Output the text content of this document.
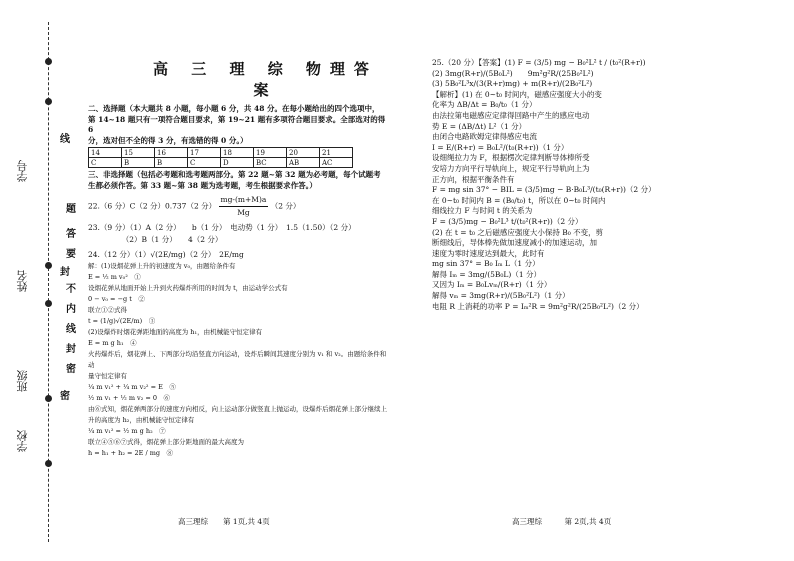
线
封
密
学号
姓名
班级
学校
题
答
要
不
内
线
封
密
高 三 理 综 物理答案
二、选择题（本大题共 8 小题，每小题 6 分，共 48 分。在每小题给出的四个选项中，
第 14~18 题只有一项符合题目要求，第 19~21 题有多项符合题目要求。全部选对的得 6
分，选对但不全的得 3 分，有选错的得 0 分。）
14	15	16	17	18	19	20	21
C	B	B	C	D	BC	AB	AC
三、非选择题（包括必考题和选考题两部分。第 22 题~第 32 题为必考题，每个试题考
生都必须作答。第 33 题~第 38 题为选考题，考生根据要求作答。）
22.（6 分）C（2 分）0.737（2 分） $\frac{mg-(m+M)a}{Mg} (2$ 分）
23.（9 分）（1）A（2 分）　　b（1 分）　电动势（1 分）　1.5（1.50）（2 分）
　　　　　（2）B（1 分）　　4（2 分）
24.（12 分）（1）√(2E/mg)（2 分）　2E/mg
解：(1)设烟花弹上升的初速度为 v₀，由题给条件有
E = ½ m v₀²　①
设烟花弹从地面开始上升到火药爆炸所用的时间为 t，由运动学公式有
0 − v₀ = −g t　②
联立①②式得
t = (1/g)√(2E/m)　③
(2)设爆炸时烟花弹距地面的高度为 h₁，由机械能守恒定律有
E = m g h₁　④
火药爆炸后，烟花弹上、下两部分均沿竖直方向运动，设炸后瞬间其速度分别为 v₁ 和 v₂。由题给条件和动
量守恒定律有
¼ m v₁² + ¼ m v₂² = E　⑤
½ m v₁ + ½ m v₂ = 0　⑥
由⑥式知，烟花弹两部分的速度方向相反，向上运动部分做竖直上抛运动，设爆炸后烟花弹上部分继续上
升的高度为 h₂，由机械能守恒定律有
¼ m v₁² = ½ m g h₂　⑦
联立④⑤⑥⑦式得，烟花弹上部分距地面的最大高度为
h = h₁ + h₂ = 2E / mg　⑧
25.（20 分）【答案】(1) F = (3/5) mg − B₀²L² t / (t₀²(R+r))
(2) 3mg(R+r)/(5B₀L²)　　9m²g²R/(25B₀²L²)
(3) 5B₀²L³x/(3(R+r)mg) + m(R+r)/(2B₀²L²)
【解析】(1) 在 0~t₀ 时间内，磁感应强度大小的变
化率为 ΔB/Δt = B₀/t₀（1 分）
由法拉第电磁感应定律得回路中产生的感应电动
势 E = (ΔB/Δt) L²（1 分）
由闭合电路欧姆定律得感应电流
I = E/(R+r) = B₀L²/(t₀(R+r))（1 分）
设细绳拉力为 F，根据楞次定律判断导体棒所受
安培力方向平行导轨向上，规定平行导轨向上为
正方向，根据平衡条件有
F = mg sin 37° − BIL = (3/5)mg − B·B₀L³/(t₀(R+r))（2 分）
在 0~t₀ 时间内 B = (B₀/t₀) t，所以在 0~t₀ 时间内
细线拉力 F 与时间 t 的关系为
F = (3/5)mg − B₀²L³ t/(t₀²(R+r))（2 分）
(2) 在 t = t₀ 之后磁感应强度大小保持 B₀ 不变，剪
断细线后，导体棒先做加速度减小的加速运动，加
速度为零时速度达到最大，此时有
mg sin 37° = B₀ Iₘ L（1 分）
解得 Iₘ = 3mg/(5B₀L)（1 分）
又因为 Iₘ = B₀Lvₘ/(R+r)（1 分）
解得 vₘ = 3mg(R+r)/(5B₀²L²)（1 分）
电阻 R 上消耗的功率 P = Iₘ²R = 9m²g²R/(25B₀²L²)（2 分）
高三理综　　第 1页,共 4页	高三理综　　　第 2页,共 4页
